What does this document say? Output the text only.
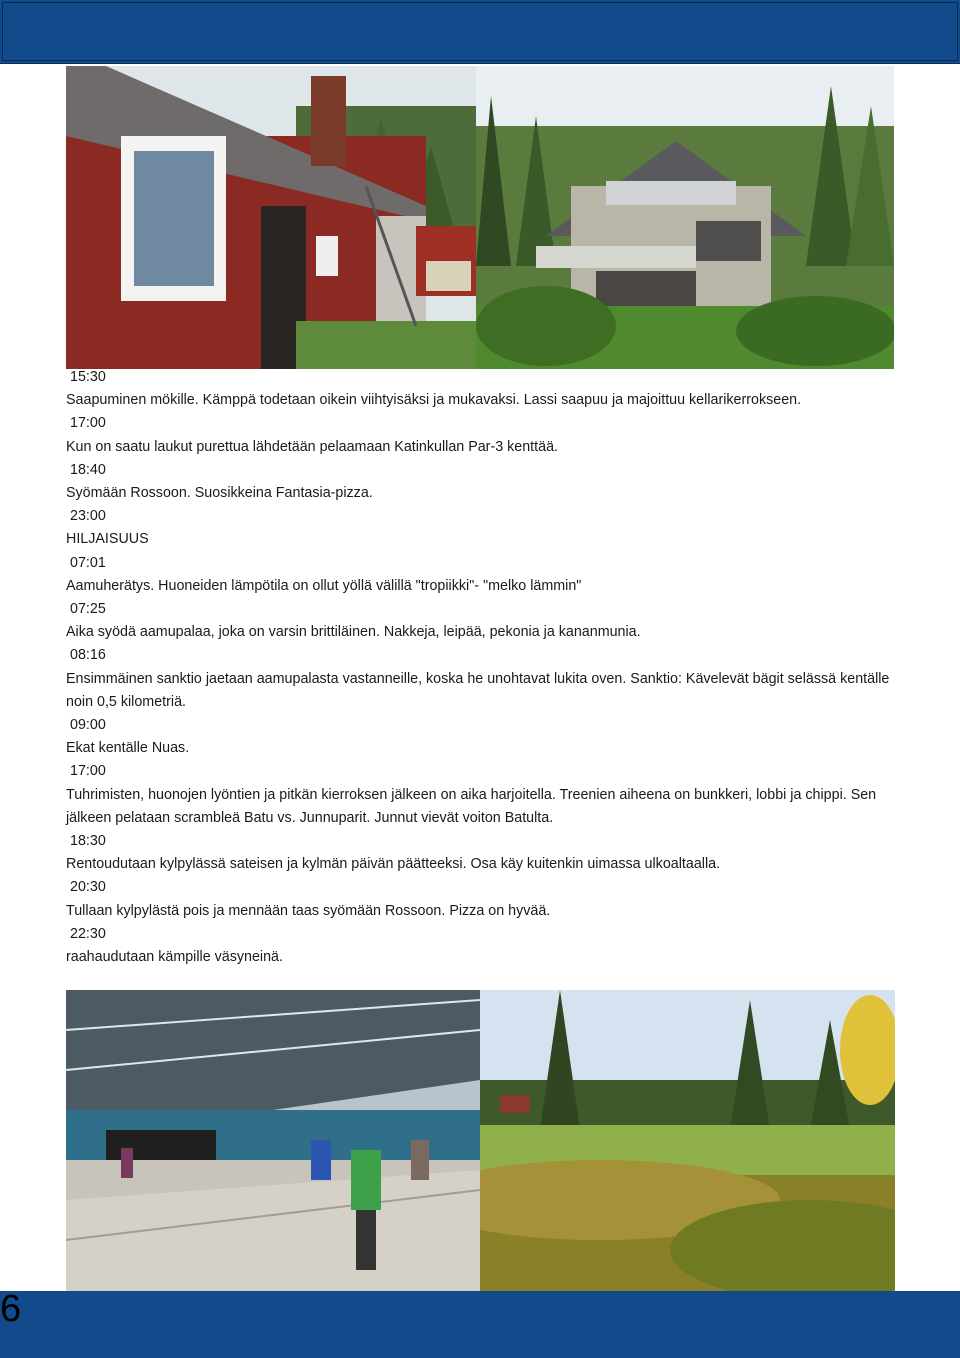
15:30
Saapuminen mökille. Kämppä todetaan oikein viihtyisäksi ja mukavaksi. Lassi saapuu ja majoittuu kellarikerrokseen.
17:00
Kun on saatu laukut purettua lähdetään pelaamaan Katinkullan Par-3 kenttää.
18:40
Syömään Rossoon. Suosikkeina Fantasia-pizza.
23:00
HILJAISUUS
07:01
Aamuherätys. Huoneiden lämpötila on ollut yöllä välillä "tropiikki"- "melko lämmin"
07:25
Aika syödä aamupalaa, joka on varsin brittiläinen. Nakkeja, leipää, pekonia ja kananmunia.
08:16
Ensimmäinen sanktio jaetaan aamupalasta vastanneille, koska he unohtavat lukita oven. Sanktio: Kävelevät bägit selässä kentälle noin 0,5 kilometriä.
09:00
Ekat kentälle Nuas.
17:00
Tuhrimisten, huonojen lyöntien ja pitkän kierroksen jälkeen on aika harjoitella. Treenien aiheena on bunkkeri, lobbi ja chippi. Sen jälkeen pelataan scrambleä Batu vs. Junnuparit. Junnut vievät voiton Batulta.
18:30
Rentoudutaan kylpylässä sateisen ja kylmän päivän päätteeksi. Osa käy kuitenkin uimassa ulkoaltaalla.
20:30
Tullaan kylpylästä pois ja mennään taas syömään Rossoon. Pizza on hyvää.
22:30
raahaudutaan kämpille väsyneinä.
6
